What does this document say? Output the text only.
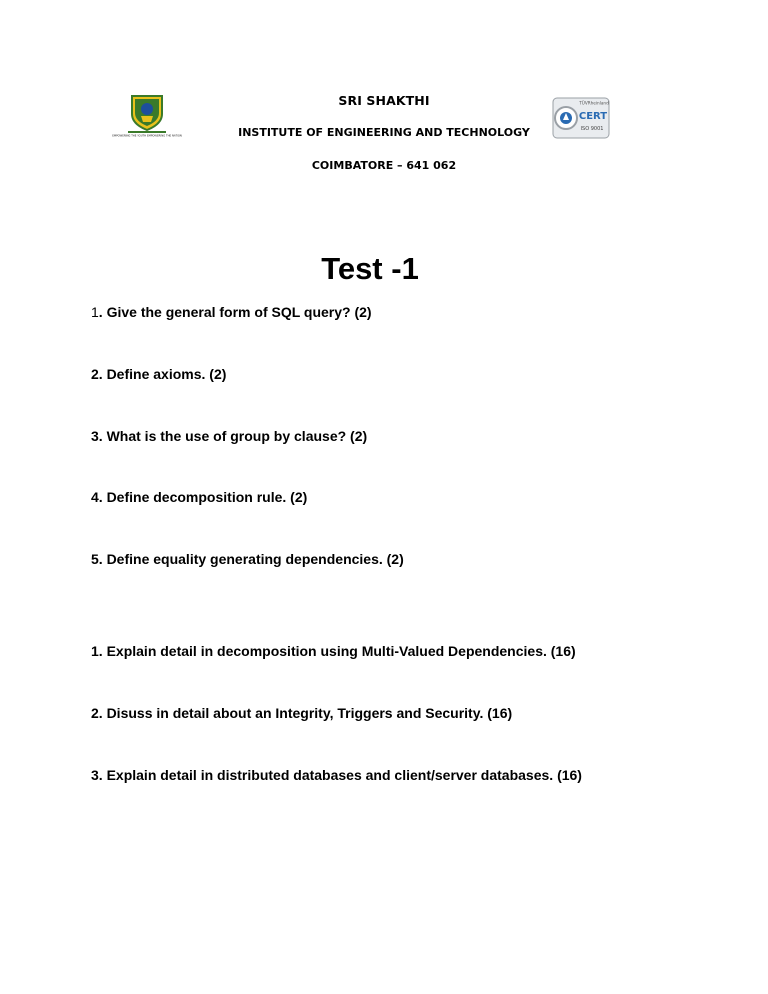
EMPOWERING THE YOUTH EMPOWERING THE NATION
TÜVRheinland
CERT
ISO 9001
SRI SHAKTHI
INSTITUTE OF ENGINEERING AND TECHNOLOGY
COIMBATORE – 641 062
Test -1
1. Give the general form of SQL query? (2)
2. Define axioms. (2)
3. What is the use of group by clause? (2)
4. Define decomposition rule. (2)
5. Define equality generating dependencies. (2)
1. Explain detail in decomposition using Multi-Valued Dependencies. (16)
2. Disuss in detail about an Integrity, Triggers and Security. (16)
3. Explain detail in distributed databases and client/server databases. (16)
